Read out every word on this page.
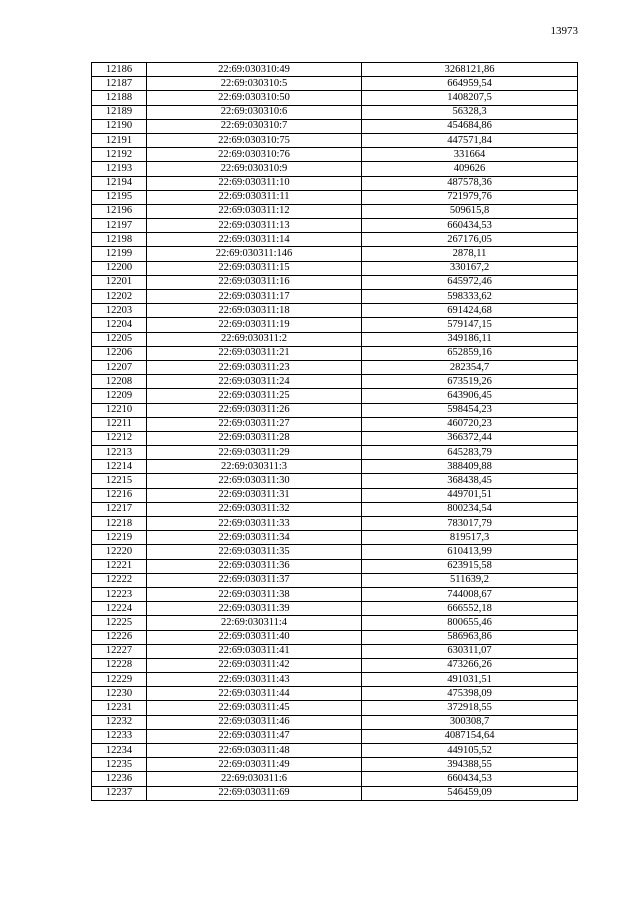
13973
12186	22:69:030310:49	3268121,86
12187	22:69:030310:5	664959,54
12188	22:69:030310:50	1408207,5
12189	22:69:030310:6	56328,3
12190	22:69:030310:7	454684,86
12191	22:69:030310:75	447571,84
12192	22:69:030310:76	331664
12193	22:69:030310:9	409626
12194	22:69:030311:10	487578,36
12195	22:69:030311:11	721979,76
12196	22:69:030311:12	509615,8
12197	22:69:030311:13	660434,53
12198	22:69:030311:14	267176,05
12199	22:69:030311:146	2878,11
12200	22:69:030311:15	330167,2
12201	22:69:030311:16	645972,46
12202	22:69:030311:17	598333,62
12203	22:69:030311:18	691424,68
12204	22:69:030311:19	579147,15
12205	22:69:030311:2	349186,11
12206	22:69:030311:21	652859,16
12207	22:69:030311:23	282354,7
12208	22:69:030311:24	673519,26
12209	22:69:030311:25	643906,45
12210	22:69:030311:26	598454,23
12211	22:69:030311:27	460720,23
12212	22:69:030311:28	366372,44
12213	22:69:030311:29	645283,79
12214	22:69:030311:3	388409,88
12215	22:69:030311:30	368438,45
12216	22:69:030311:31	449701,51
12217	22:69:030311:32	800234,54
12218	22:69:030311:33	783017,79
12219	22:69:030311:34	819517,3
12220	22:69:030311:35	610413,99
12221	22:69:030311:36	623915,58
12222	22:69:030311:37	511639,2
12223	22:69:030311:38	744008,67
12224	22:69:030311:39	666552,18
12225	22:69:030311:4	800655,46
12226	22:69:030311:40	586963,86
12227	22:69:030311:41	630311,07
12228	22:69:030311:42	473266,26
12229	22:69:030311:43	491031,51
12230	22:69:030311:44	475398,09
12231	22:69:030311:45	372918,55
12232	22:69:030311:46	300308,7
12233	22:69:030311:47	4087154,64
12234	22:69:030311:48	449105,52
12235	22:69:030311:49	394388,55
12236	22:69:030311:6	660434,53
12237	22:69:030311:69	546459,09
